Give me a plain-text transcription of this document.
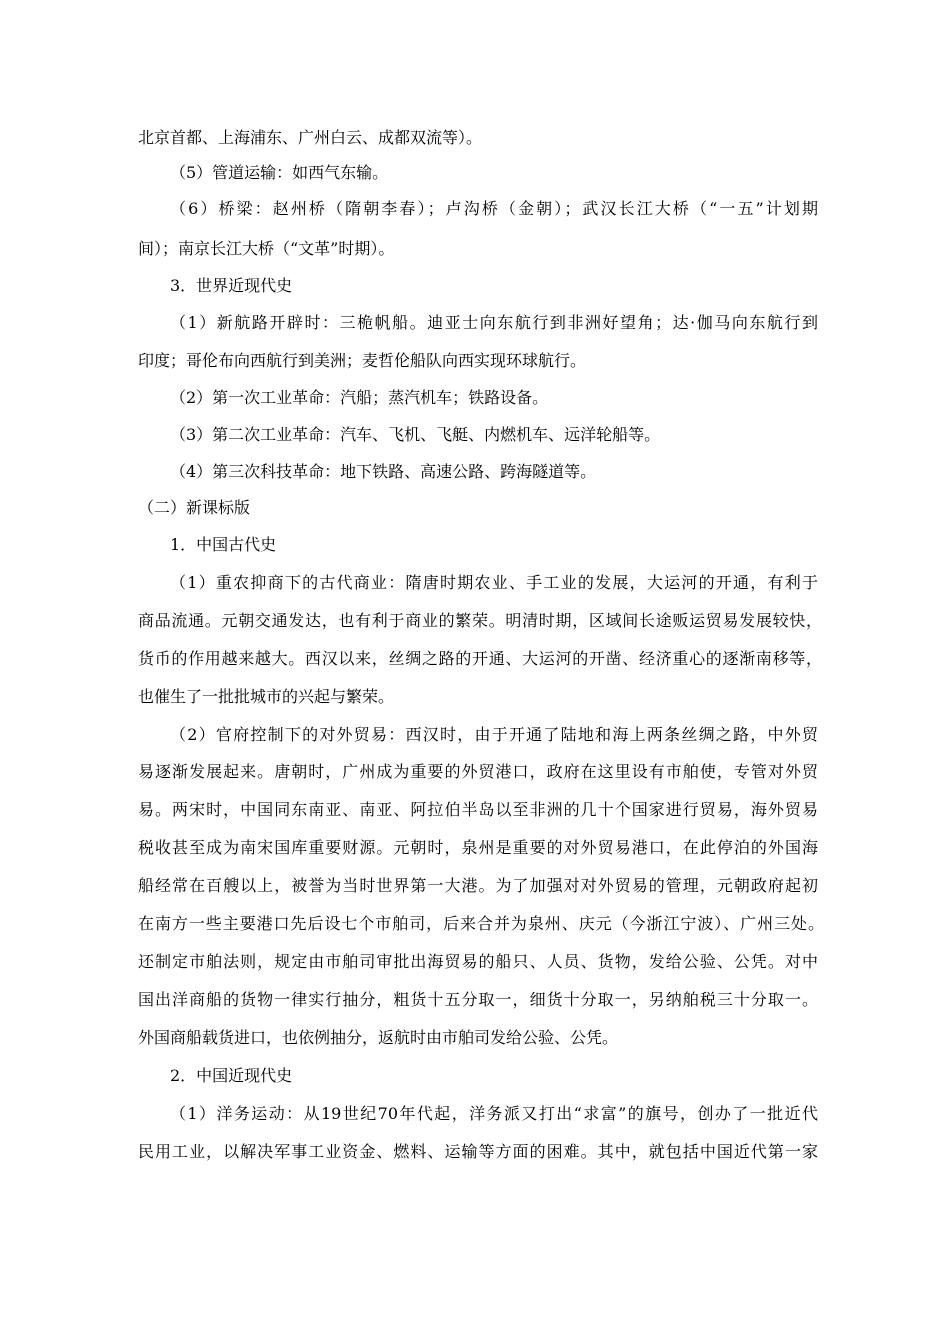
北京首都、上海浦东、广州白云、成都双流等）。
（5）管道运输：如西气东输。
（6）桥梁：赵州桥（隋朝李春）；卢沟桥（金朝）；武汉长江大桥（“一五”计划期
间）；南京长江大桥（“文革”时期）。
3．世界近现代史
（1）新航路开辟时：三桅帆船。迪亚士向东航行到非洲好望角；达·伽马向东航行到
印度；哥伦布向西航行到美洲；麦哲伦船队向西实现环球航行。
（2）第一次工业革命：汽船；蒸汽机车；铁路设备。
（3）第二次工业革命：汽车、飞机、飞艇、内燃机车、远洋轮船等。
（4）第三次科技革命：地下铁路、高速公路、跨海隧道等。
（二）新课标版
1．中国古代史
（1）重农抑商下的古代商业：隋唐时期农业、手工业的发展，大运河的开通，有利于
商品流通。元朝交通发达，也有利于商业的繁荣。明清时期，区域间长途贩运贸易发展较快，
货币的作用越来越大。西汉以来，丝绸之路的开通、大运河的开凿、经济重心的逐渐南移等，
也催生了一批批城市的兴起与繁荣。
（2）官府控制下的对外贸易：西汉时，由于开通了陆地和海上两条丝绸之路，中外贸
易逐渐发展起来。唐朝时，广州成为重要的外贸港口，政府在这里设有市舶使，专管对外贸
易。两宋时，中国同东南亚、南亚、阿拉伯半岛以至非洲的几十个国家进行贸易，海外贸易
税收甚至成为南宋国库重要财源。元朝时，泉州是重要的对外贸易港口，在此停泊的外国海
船经常在百艘以上，被誉为当时世界第一大港。为了加强对对外贸易的管理，元朝政府起初
在南方一些主要港口先后设七个市舶司，后来合并为泉州、庆元（今浙江宁波）、广州三处。
还制定市舶法则，规定由市舶司审批出海贸易的船只、人员、货物，发给公验、公凭。对中
国出洋商船的货物一律实行抽分，粗货十五分取一，细货十分取一，另纳舶税三十分取一。
外国商船载货进口，也依例抽分，返航时由市舶司发给公验、公凭。
2．中国近现代史
（1）洋务运动：从19世纪70年代起，洋务派又打出“求富”的旗号，创办了一批近代
民用工业，以解决军事工业资金、燃料、运输等方面的困难。其中，就包括中国近代第一家
